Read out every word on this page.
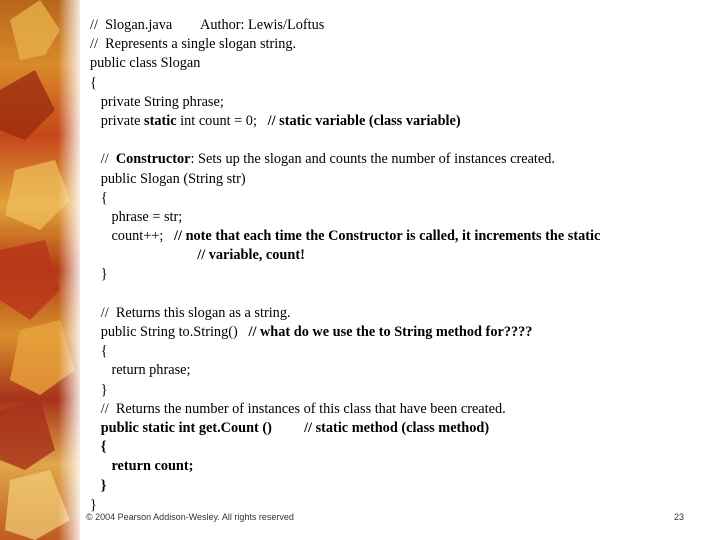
//  Slogan.java        Author: Lewis/Loftus
//  Represents a single slogan string.
public class Slogan
{
private String phrase;
private static int count = 0;   // static variable (class variable)
//  Constructor: Sets up the slogan and counts the number of instances created.
public Slogan (String str)
{
phrase = str;
count++;   // note that each time the Constructor is called, it increments the static
// variable, count!
}
//  Returns this slogan as a string.
public String to.String()   // what do we use the to String method for????
{
return phrase;
}
//  Returns the number of instances of this class that have been created.
public static int get.Count ()         // static method (class method)
{
return count;
}
}
© 2004 Pearson Addison-Wesley. All rights reserved	23
